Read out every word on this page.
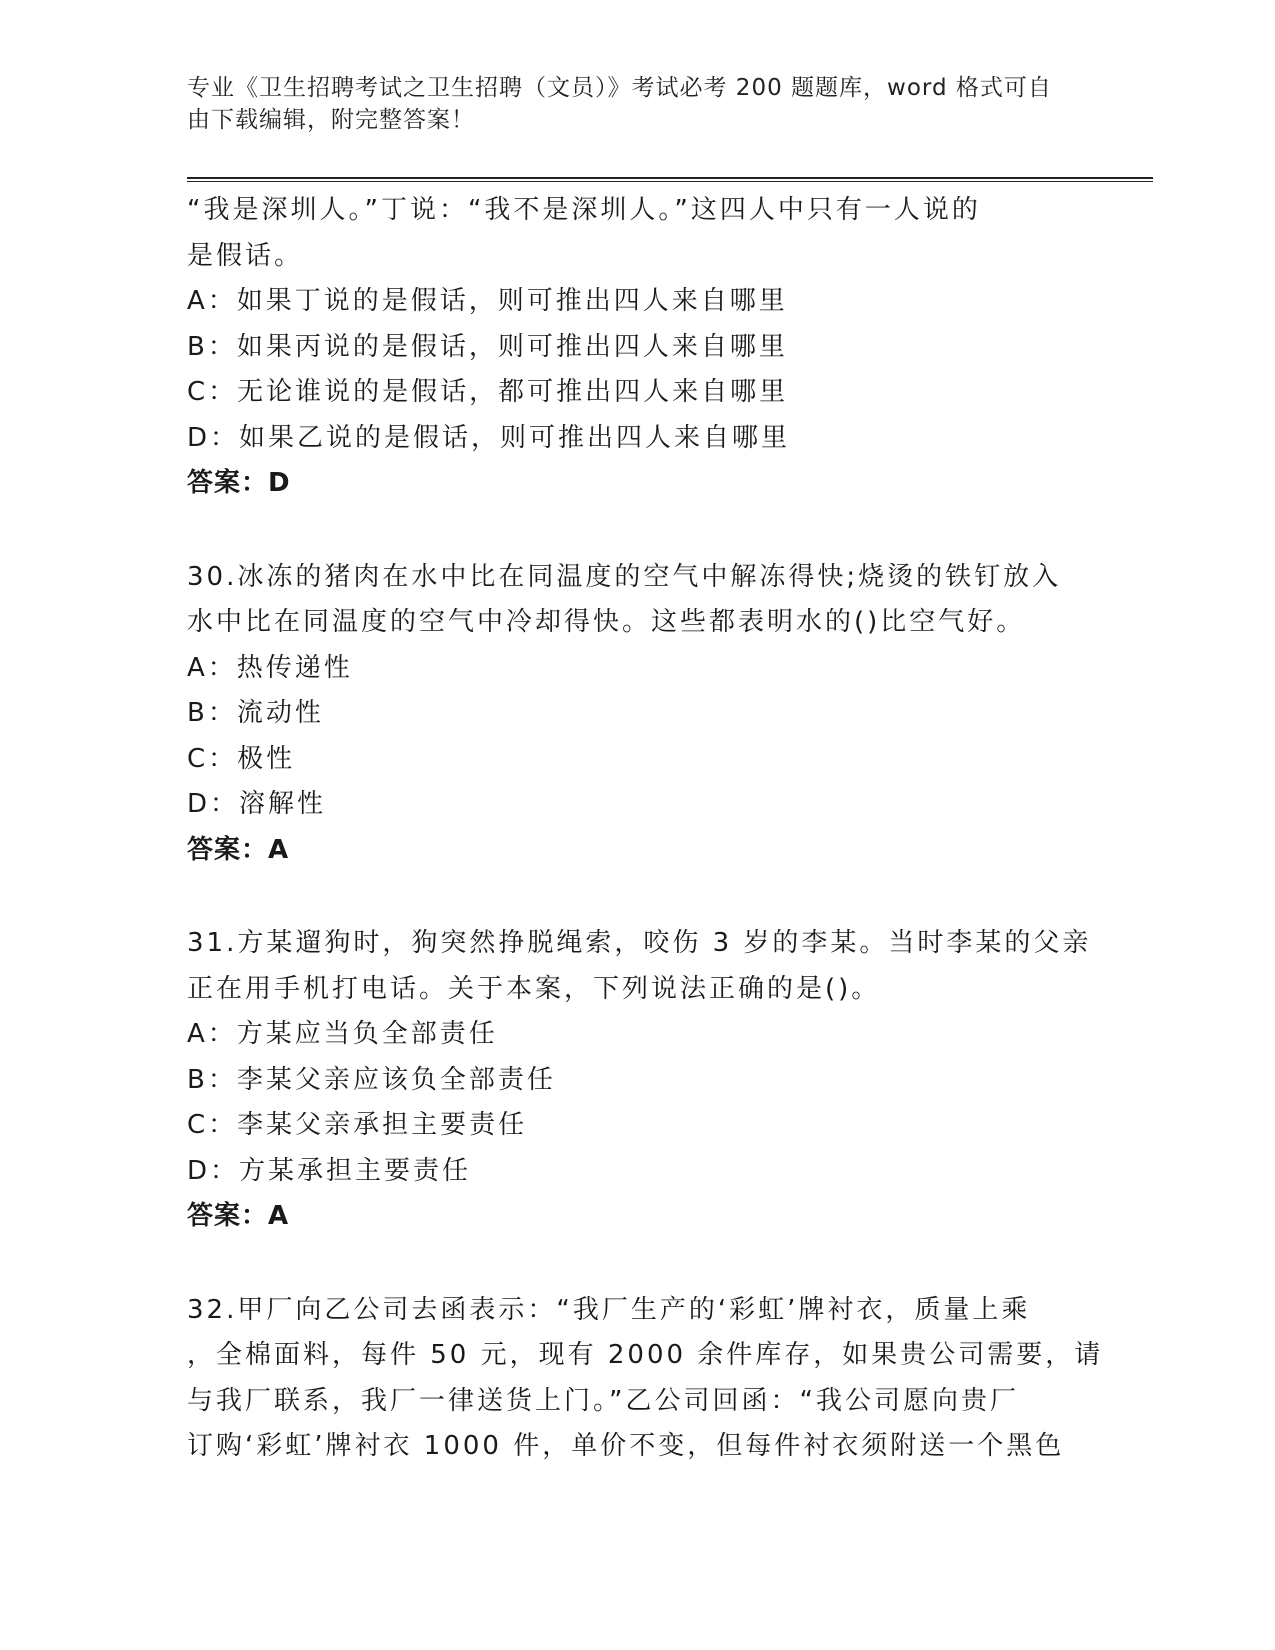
专业《卫生招聘考试之卫生招聘（文员）》考试必考 200 题题库，word 格式可自
由下载编辑，附完整答案！
“我是深圳人。”丁说：“我不是深圳人。”这四人中只有一人说的
是假话。
A：如果丁说的是假话，则可推出四人来自哪里
B：如果丙说的是假话，则可推出四人来自哪里
C：无论谁说的是假话，都可推出四人来自哪里
D：如果乙说的是假话，则可推出四人来自哪里
答案：D
30.冰冻的猪肉在水中比在同温度的空气中解冻得快;烧烫的铁钉放入
水中比在同温度的空气中冷却得快。这些都表明水的()比空气好。
A：热传递性
B：流动性
C：极性
D：溶解性
答案：A
31.方某遛狗时，狗突然挣脱绳索，咬伤 3 岁的李某。当时李某的父亲
正在用手机打电话。关于本案，下列说法正确的是()。
A：方某应当负全部责任
B：李某父亲应该负全部责任
C：李某父亲承担主要责任
D：方某承担主要责任
答案：A
32.甲厂向乙公司去函表示：“我厂生产的‘彩虹’牌衬衣，质量上乘
，全棉面料，每件 50 元，现有 2000 余件库存，如果贵公司需要，请
与我厂联系，我厂一律送货上门。”乙公司回函：“我公司愿向贵厂
订购‘彩虹’牌衬衣 1000 件，单价不变，但每件衬衣须附送一个黑色
